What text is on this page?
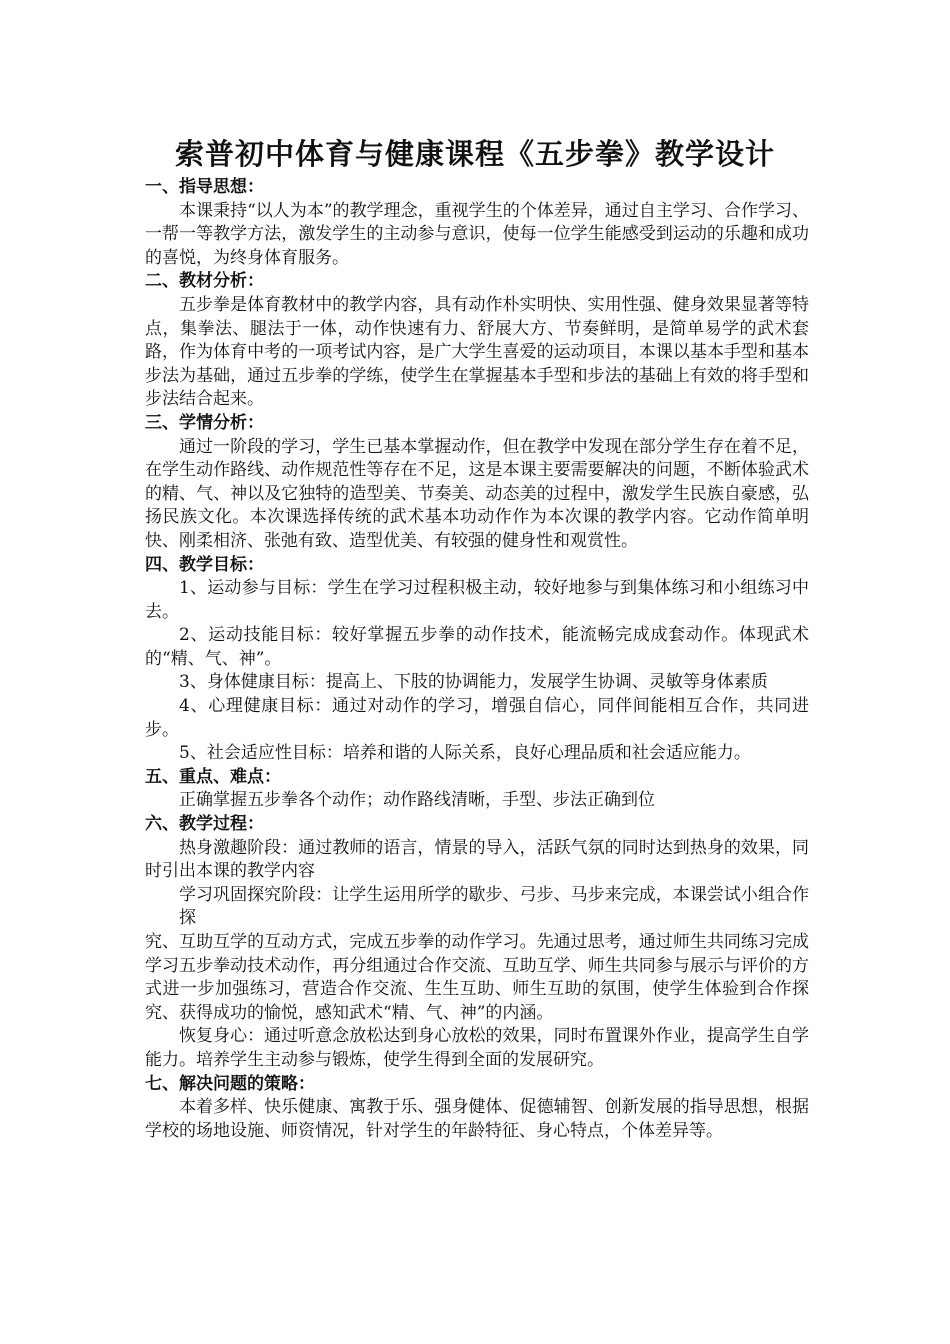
索普初中体育与健康课程《五步拳》教学设计
一、指导思想：

本课秉持“以人为本”的教学理念，重视学生的个体差异，通过自主学习、合作学习、一帮一等教学方法，激发学生的主动参与意识，使每一位学生能感受到运动的乐趣和成功的喜悦，为终身体育服务。

二、教材分析：

五步拳是体育教材中的教学内容，具有动作朴实明快、实用性强、健身效果显著等特点，集拳法、腿法于一体，动作快速有力、舒展大方、节奏鲜明，是简单易学的武术套路，作为体育中考的一项考试内容，是广大学生喜爱的运动项目，本课以基本手型和基本步法为基础，通过五步拳的学练，使学生在掌握基本手型和步法的基础上有效的将手型和步法结合起来。

三、学情分析：

通过一阶段的学习，学生已基本掌握动作，但在教学中发现在部分学生存在着不足，在学生动作路线、动作规范性等存在不足，这是本课主要需要解决的问题，不断体验武术的精、气、神以及它独特的造型美、节奏美、动态美的过程中，激发学生民族自豪感，弘扬民族文化。本次课选择传统的武术基本功动作作为本次课的教学内容。它动作简单明快、刚柔相济、张弛有致、造型优美、有较强的健身性和观赏性。

四、教学目标：

1、运动参与目标：学生在学习过程积极主动，较好地参与到集体练习和小组练习中去。

2、运动技能目标：较好掌握五步拳的动作技术，能流畅完成成套动作。体现武术的“精、气、神”。

3、身体健康目标：提高上、下肢的协调能力，发展学生协调、灵敏等身体素质

4、心理健康目标：通过对动作的学习，增强自信心，同伴间能相互合作，共同进步。

5、社会适应性目标：培养和谐的人际关系，良好心理品质和社会适应能力。

五、重点、难点：

正确掌握五步拳各个动作；动作路线清晰，手型、步法正确到位

六、教学过程：

热身激趣阶段：通过教师的语言，情景的导入，活跃气氛的同时达到热身的效果，同时引出本课的教学内容

学习巩固探究阶段：让学生运用所学的歇步、弓步、马步来完成，本课尝试小组合作探

究、互助互学的互动方式，完成五步拳的动作学习。先通过思考，通过师生共同练习完成学习五步拳动技术动作，再分组通过合作交流、互助互学、师生共同参与展示与评价的方式进一步加强练习，营造合作交流、生生互助、师生互助的氛围，使学生体验到合作探究、获得成功的愉悦，感知武术“精、气、神”的内涵。

恢复身心：通过听意念放松达到身心放松的效果，同时布置课外作业，提高学生自学能力。培养学生主动参与锻炼，使学生得到全面的发展研究。

七、解决问题的策略：

本着多样、快乐健康、寓教于乐、强身健体、促德辅智、创新发展的指导思想，根据学校的场地设施、师资情况，针对学生的年龄特征、身心特点，个体差异等。
